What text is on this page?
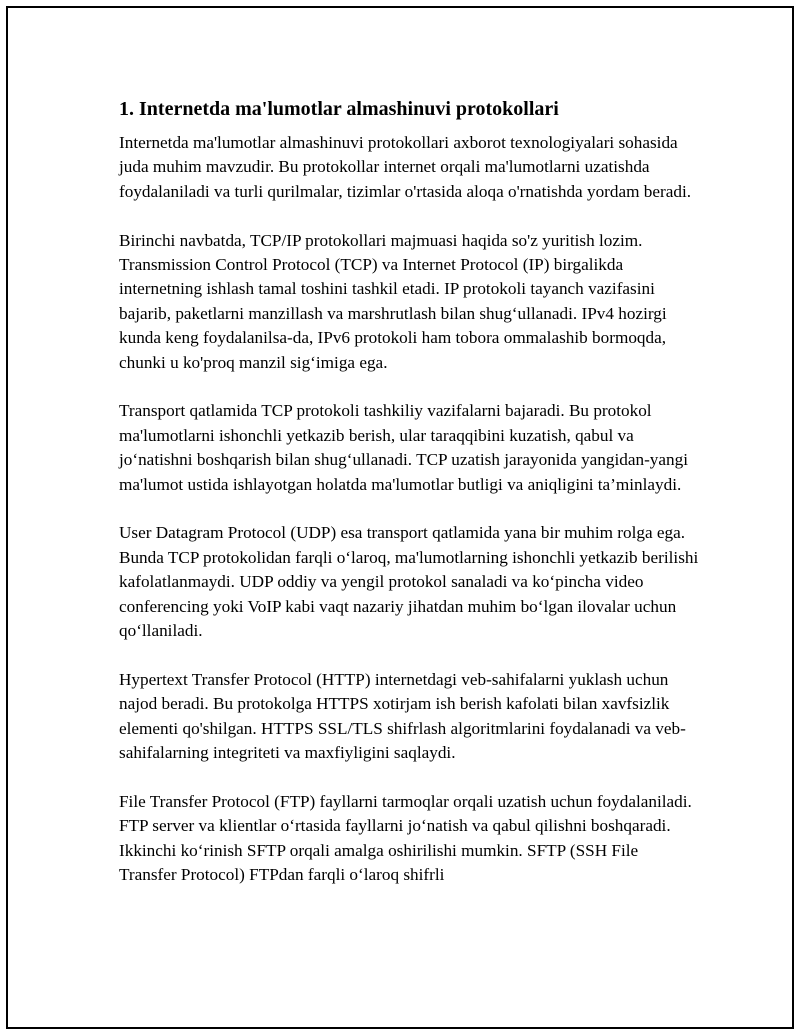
1. Internetda ma'lumotlar almashinuvi protokollari

Internetda ma'lumotlar almashinuvi protokollari axborot texnologiyalari sohasida juda muhim mavzudir. Bu protokollar internet orqali ma'lumotlarni uzatishda foydalaniladi va turli qurilmalar, tizimlar o'rtasida aloqa o'rnatishda yordam beradi.

Birinchi navbatda, TCP/IP protokollari majmuasi haqida so'z yuritish lozim. Transmission Control Protocol (TCP) va Internet Protocol (IP) birgalikda internetning ishlash tamal toshini tashkil etadi. IP protokoli tayanch vazifasini bajarib, paketlarni manzillash va marshrutlash bilan shug‘ullanadi. IPv4 hozirgi kunda keng foydalanilsa-da, IPv6 protokoli ham tobora ommalashib bormoqda, chunki u ko'proq manzil sig‘imiga ega.

Transport qatlamida TCP protokoli tashkiliy vazifalarni bajaradi. Bu protokol ma'lumotlarni ishonchli yetkazib berish, ular taraqqibini kuzatish, qabul va jo‘natishni boshqarish bilan shug‘ullanadi. TCP uzatish jarayonida yangidan-yangi ma'lumot ustida ishlayotgan holatda ma'lumotlar butligi va aniqligini ta’minlaydi.

User Datagram Protocol (UDP) esa transport qatlamida yana bir muhim rolga ega. Bunda TCP protokolidan farqli o‘laroq, ma'lumotlarning ishonchli yetkazib berilishi kafolatlanmaydi. UDP oddiy va yengil protokol sanaladi va ko‘pincha video conferencing yoki VoIP kabi vaqt nazariy jihatdan muhim bo‘lgan ilovalar uchun qo‘llaniladi.

Hypertext Transfer Protocol (HTTP) internetdagi veb-sahifalarni yuklash uchun najod beradi. Bu protokolga HTTPS xotirjam ish berish kafolati bilan xavfsizlik elementi qo'shilgan. HTTPS SSL/TLS shifrlash algoritmlarini foydalanadi va veb-sahifalarning integriteti va maxfiyligini saqlaydi.

File Transfer Protocol (FTP) fayllarni tarmoqlar orqali uzatish uchun foydalaniladi. FTP server va klientlar o‘rtasida fayllarni jo‘natish va qabul qilishni boshqaradi. Ikkinchi ko‘rinish SFTP orqali amalga oshirilishi mumkin. SFTP (SSH File Transfer Protocol) FTPdan farqli o‘laroq shifrli
